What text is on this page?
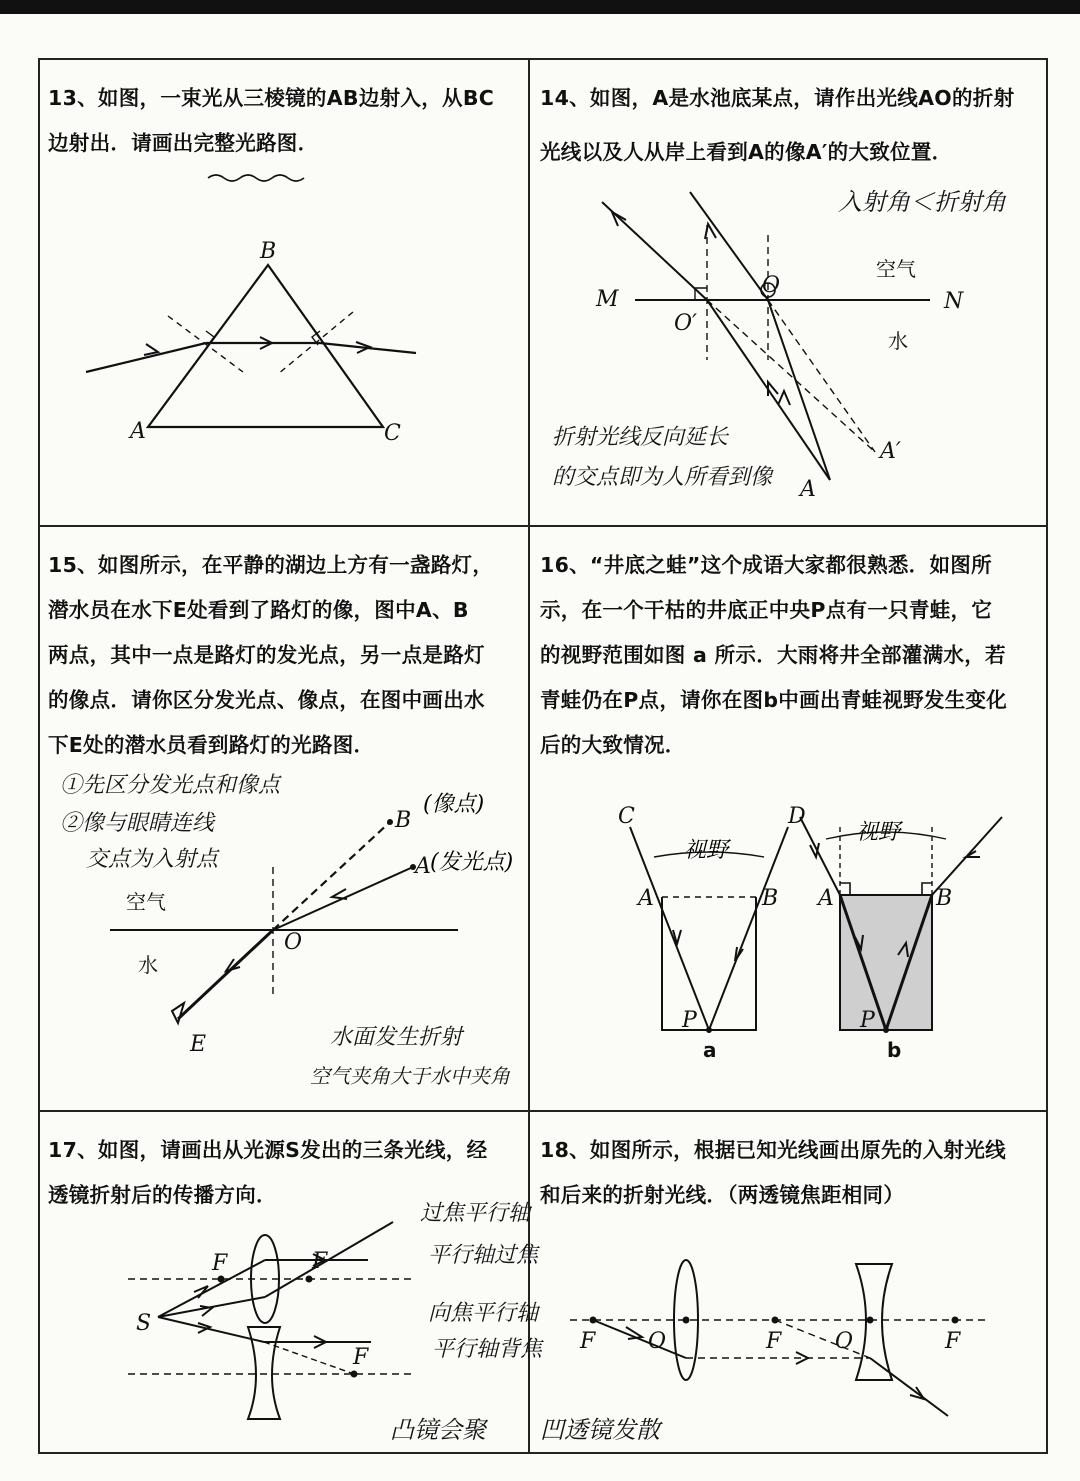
13、如图，一束光从三棱镜的AB边射入，从BC
边射出．请画出完整光路图．
B
A	C
14、如图，A是水池底某点，请作出光线AO的折射
光线以及人从岸上看到A的像A′的大致位置．
入射角＜折射角
折射光线反向延长
的交点即为人所看到像
M	N
O
O′
空气
水
A′
A
15、如图所示，在平静的湖边上方有一盏路灯，
潜水员在水下E处看到了路灯的像，图中A、B
两点，其中一点是路灯的发光点，另一点是路灯
的像点．请你区分发光点、像点，在图中画出水
下E处的潜水员看到路灯的光路图．
①先区分发光点和像点
②像与眼睛连线
交点为入射点
水面发生折射
空气夹角大于水中夹角
B
(像点)
A (发光点)
空气
水
O
E
16、“井底之蛙”这个成语大家都很熟悉．如图所
示，在一个干枯的井底正中央P点有一只青蛙，它
的视野范围如图 a 所示．大雨将井全部灌满水，若
青蛙仍在P点，请你在图b中画出青蛙视野发生变化
后的大致情况．
C
视野
A	B
P
a
D
视野
A	B
P
b
17、如图，请画出从光源S发出的三条光线，经
透镜折射后的传播方向．
过焦平行轴
平行轴过焦
向焦平行轴
平行轴背焦
凸镜会聚
F	F
S
F
18、如图所示，根据已知光线画出原先的入射光线
和后来的折射光线．（两透镜焦距相同）
凹透镜发散
F O	F O	F
